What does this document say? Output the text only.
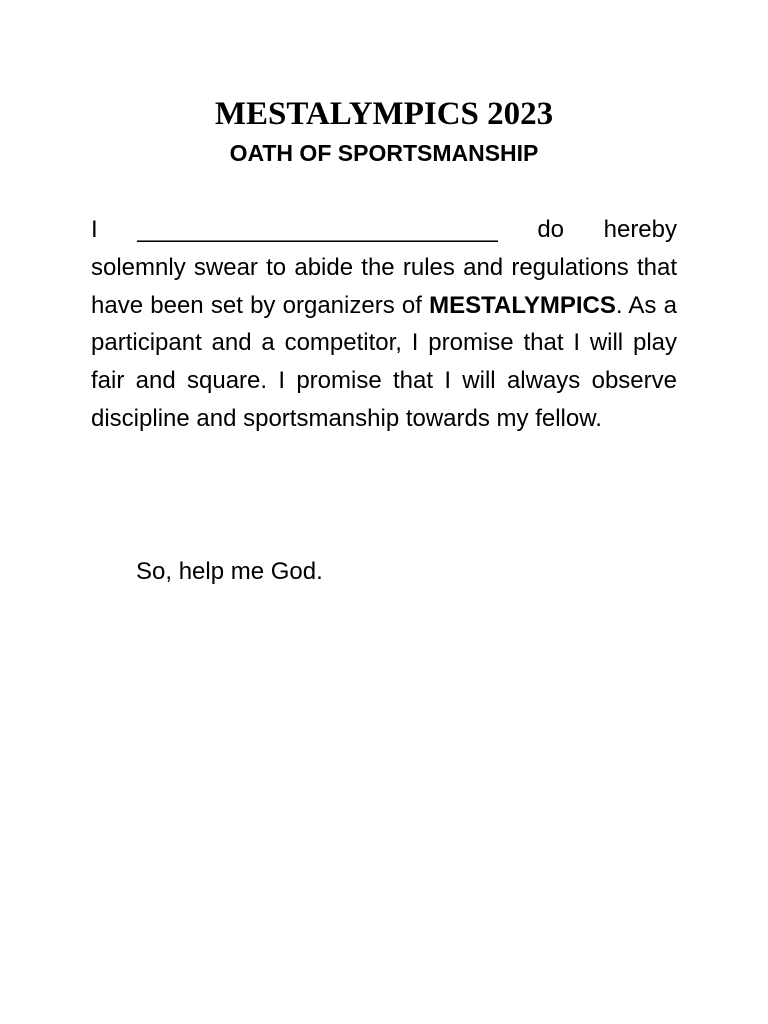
MESTALYMPICS 2023
OATH OF SPORTSMANSHIP

I ___________________________ do hereby solemnly swear to abide the rules and regulations that have been set by organizers of MESTALYMPICS. As a participant and a competitor, I promise that I will play fair and square. I promise that I will always observe discipline and sportsmanship towards my fellow.

So, help me God.
